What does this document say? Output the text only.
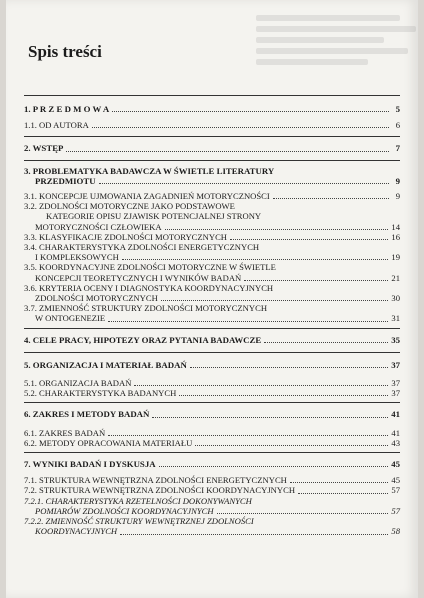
Spis treści
1. P R Z E D M O W A	5
1.1. OD AUTORA	6
2. WSTĘP	7
3. PROBLEMATYKA BADAWCZA W ŚWIETLE LITERATURY
PRZEDMIOTU	9
3.1. KONCEPCJE UJMOWANIA ZAGADNIEŃ MOTORYCZNOŚCI	9
3.2. ZDOLNOŚCI MOTORYCZNE JAKO PODSTAWOWE
KATEGORIE OPISU ZJAWISK POTENCJALNEJ STRONY
MOTORYCZNOŚCI CZŁOWIEKA	14
3.3. KLASYFIKACJE ZDOLNOŚCI MOTORYCZNYCH	16
3.4. CHARAKTERYSTYKA ZDOLNOŚCI ENERGETYCZNYCH
I KOMPLEKSOWYCH	19
3.5. KOORDYNACYJNE ZDOLNOŚCI MOTORYCZNE W ŚWIETLE
KONCEPCJI TEORETYCZNYCH I WYNIKÓW BADAŃ	21
3.6. KRYTERIA OCENY I DIAGNOSTYKA KOORDYNACYJNYCH
ZDOLNOŚCI MOTORYCZNYCH	30
3.7. ZMIENNOŚĆ STRUKTURY ZDOLNOŚCI MOTORYCZNYCH
W ONTOGENEZIE	31
4. CELE PRACY, HIPOTEZY ORAZ PYTANIA BADAWCZE	35
5. ORGANIZACJA I MATERIAŁ BADAŃ	37
5.1. ORGANIZACJA BADAŃ	37
5.2. CHARAKTERYSTYKA BADANYCH	37
6. ZAKRES I METODY BADAŃ	41
6.1. ZAKRES BADAŃ	41
6.2. METODY OPRACOWANIA MATERIAŁU	43
7. WYNIKI BADAŃ I DYSKUSJA	45
7.1. STRUKTURA WEWNĘTRZNA ZDOLNOŚCI ENERGETYCZNYCH	45
7.2. STRUKTURA WEWNĘTRZNA ZDOLNOŚCI KOORDYNACYJNYCH	57
7.2.1. CHARAKTERYSTYKA RZETELNOŚCI DOKONYWANYCH
POMIARÓW ZDOLNOŚCI KOORDYNACYJNYCH	57
7.2.2. ZMIENNOŚĆ STRUKTURY WEWNĘTRZNEJ ZDOLNOŚCI
KOORDYNACYJNYCH	58
